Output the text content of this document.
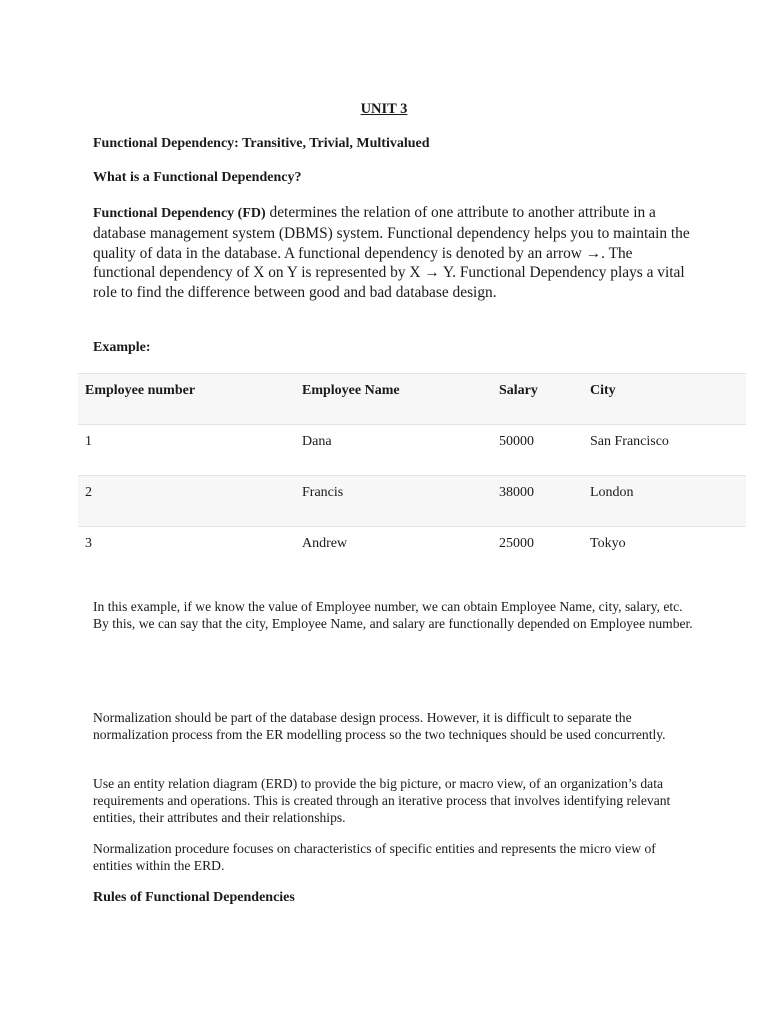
UNIT 3

Functional Dependency: Transitive, Trivial, Multivalued

What is a Functional Dependency?

Functional Dependency (FD) determines the relation of one attribute to another attribute in a database management system (DBMS) system. Functional dependency helps you to maintain the quality of data in the database. A functional dependency is denoted by an arrow →. The functional dependency of X on Y is represented by X → Y. Functional Dependency plays a vital role to find the difference between good and bad database design.

Example:

Employee number	Employee Name	Salary	City
1	Dana	50000	San Francisco
2	Francis	38000	London
3	Andrew	25000	Tokyo

In this example, if we know the value of Employee number, we can obtain Employee Name, city, salary, etc. By this, we can say that the city, Employee Name, and salary are functionally depended on Employee number.

Normalization should be part of the database design process. However, it is difficult to separate the normalization process from the ER modelling process so the two techniques should be used concurrently.

Use an entity relation diagram (ERD) to provide the big picture, or macro view, of an organization’s data requirements and operations. This is created through an iterative process that involves identifying relevant entities, their attributes and their relationships.

Normalization procedure focuses on characteristics of specific entities and represents the micro view of entities within the ERD.

Rules of Functional Dependencies
